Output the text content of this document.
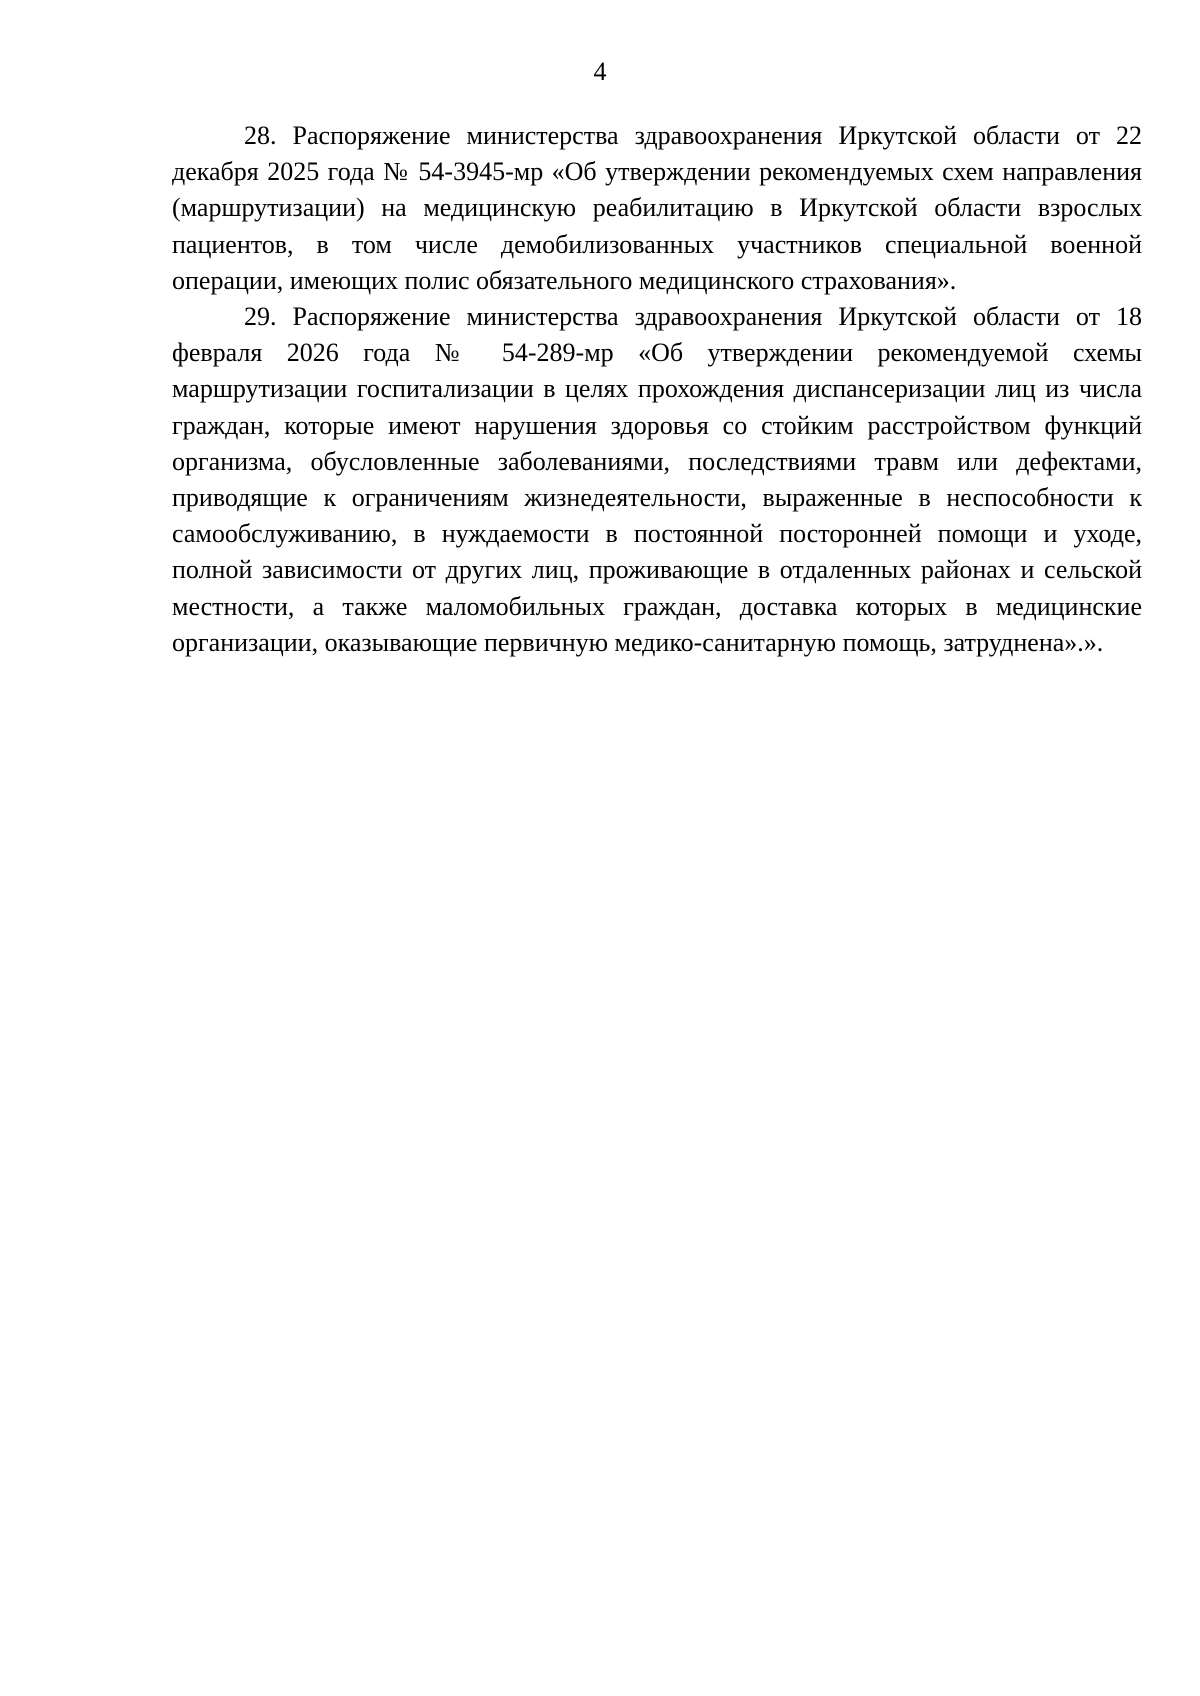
4

28. Распоряжение министерства здравоохранения Иркутской области от 22 декабря 2025 года № 54-3945-мр «Об утверждении рекомендуемых схем направления (маршрутизации) на медицинскую реабилитацию в Иркутской области взрослых пациентов, в том числе демобилизованных участников специальной военной операции, имеющих полис обязательного медицинского страхования».

29. Распоряжение министерства здравоохранения Иркутской области от 18 февраля 2026 года № 54-289-мр «Об утверждении рекомендуемой схемы маршрутизации госпитализации в целях прохождения диспансеризации лиц из числа граждан, которые имеют нарушения здоровья со стойким расстройством функций организма, обусловленные заболеваниями, последствиями травм или дефектами, приводящие к ограничениям жизнедеятельности, выраженные в неспособности к самообслуживанию, в нуждаемости в постоянной посторонней помощи и уходе, полной зависимости от других лиц, проживающие в отдаленных районах и сельской местности, а также маломобильных граждан, доставка которых в медицинские организации, оказывающие первичную медико-санитарную помощь, затруднена».».
